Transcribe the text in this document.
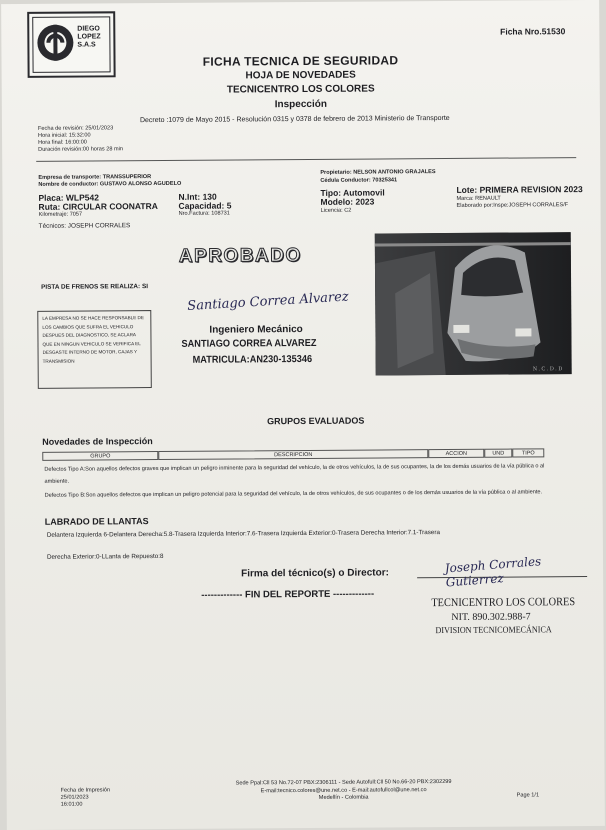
DIEGO
LOPEZ
S.A.S
Ficha Nro.51530
FICHA TECNICA DE SEGURIDAD
HOJA DE NOVEDADES
TECNICENTRO LOS COLORES
Inspección
Decreto :1079 de Mayo 2015 - Resolución 0315 y 0378 de febrero de 2013 Ministerio de Transporte
Fecha de revisión: 25/01/2023
Hora inicial: 15:32:00
Hora final: 16:00:00
Duración revisión:00 horas 28 min
Empresa de transporte: TRANSSUPERIOR
Nombre de conductor: GUSTAVO ALONSO AGUDELO
Placa: WLP542
Ruta: CIRCULAR COONATRA
Kilometraje: 7057
Técnicos: JOSEPH CORRALES
N.Int: 130
Capacidad: 5
Nro.Factura: 108731
Propietario: NELSON ANTONIO GRAJALES
Cédula Conductor: 70325341
Tipo: Automovil
Modelo: 2023
Licencia: C2
Lote: PRIMERA REVISION 2023
Marca: RENAULT
Elaborado por:Inspe:JOSEPH CORRALES/F
APROBADO
PISTA DE FRENOS SE REALIZA: SI
LA EMPRESA NO SE HACE RESPONSABLE DE LOS CAMBIOS QUE SUFRA EL VEHICULO DESPUES DEL DIAGNOSTICO, SE ACLARA QUE EN NINGUN VEHICULO SE VERIFICA EL DESGASTE INTERNO DE MOTOR, CAJAS Y TRANSMISION
Santiago Correa Alvarez
Ingeniero Mecánico
SANTIAGO CORREA ALVAREZ
MATRICULA:AN230-135346
Ｎ.Ｃ.Ｄ.Ｄ
GRUPOS EVALUADOS
Novedades de Inspección
GRUPO	DESCRIPCION	ACCION	UND	TIPO
Defectos Tipo A:Son aquellos defectos graves que implican un peligro inminente para la seguridad del vehículo, la de otros vehículos, la de sus ocupantes, la de los demás usuarios de la vía pública o al ambiente.
Defectos Tipo B:Son aquellos defectos que implican un peligro potencial para la seguridad del vehículo, la de otros vehículos, de sus ocupantes o de los demás usuarios de la vía pública o al ambiente.
LABRADO DE LLANTAS
Delantera Izquierda 6-Delantera Derecha:5.8-Trasera Izquierda Interior:7.6-Trasera Izquierda Exterior:0-Trasera Derecha Interior:7.1-Trasera
Derecha Exterior:0-LLanta de Repuesto:8
Firma del técnico(s) o Director:	Joseph Corrales Gutierrez
------------- FIN DEL REPORTE -------------
TECNICENTRO LOS COLORES
NIT. 890.302.988-7
DIVISION TECNICOMECÁNICA
Fecha de Impresión
25/01/2023
16:01:00
Sede Ppal:Cll 53 No.72-07 PBX:2306111 - Sede Autofull:Cll 50 No.66-20 PBX:2302299
E-mail:tecnico.colores@une.net.co - E-mail:autofullcol@une.net.co
Medellín - Colombia	Page 1/1
